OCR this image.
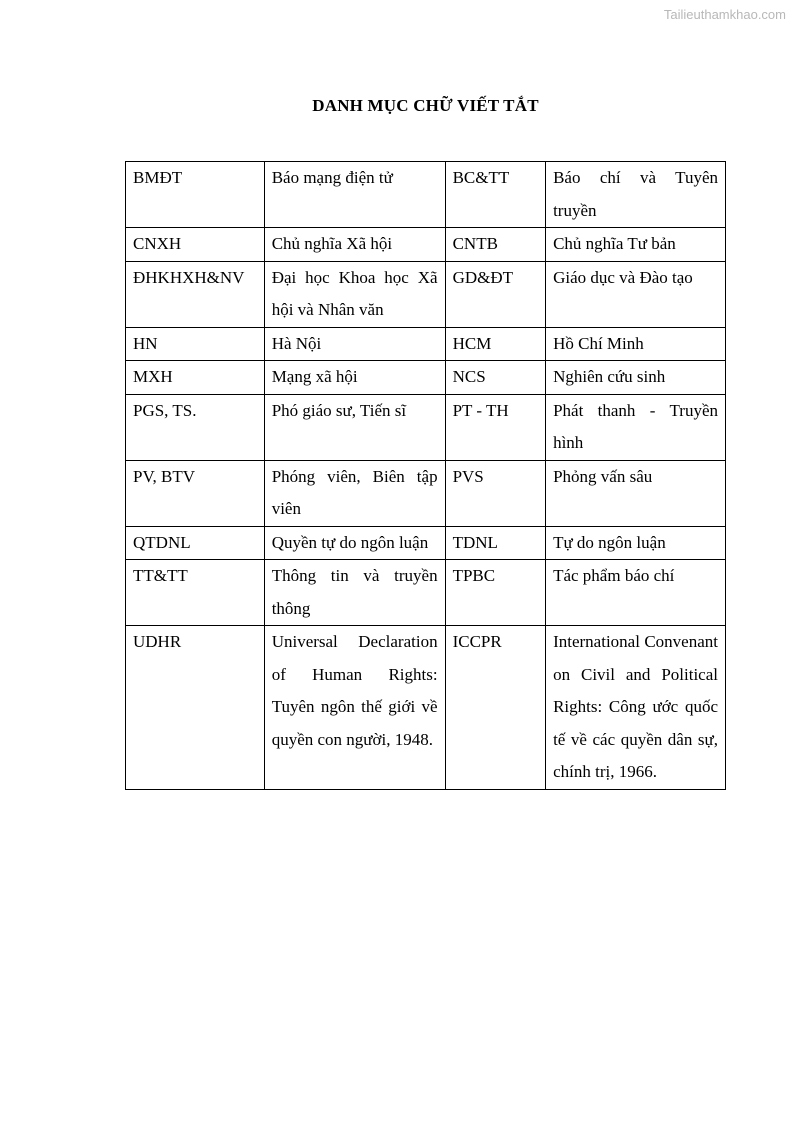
Tailieuthamkhao.com
DANH MỤC CHỮ VIẾT TẮT
BMĐT	Báo mạng điện tử	BC&TT	Báo chí và Tuyên truyền
CNXH	Chủ nghĩa Xã hội	CNTB	Chủ nghĩa Tư bản
ĐHKHXH&NV	Đại học Khoa học Xã hội và Nhân văn	GD&ĐT	Giáo dục và Đào tạo
HN	Hà Nội	HCM	Hồ Chí Minh
MXH	Mạng xã hội	NCS	Nghiên cứu sinh
PGS, TS.	Phó giáo sư, Tiến sĩ	PT - TH	Phát thanh - Truyền hình
PV, BTV	Phóng viên, Biên tập viên	PVS	Phỏng vấn sâu
QTDNL	Quyền tự do ngôn luận	TDNL	Tự do ngôn luận
TT&TT	Thông tin và truyền thông	TPBC	Tác phẩm báo chí
UDHR	Universal Declaration of Human Rights: Tuyên ngôn thế giới về quyền con người, 1948.	ICCPR	International Convenant on Civil and Political Rights: Công ước quốc tế về các quyền dân sự, chính trị, 1966.
